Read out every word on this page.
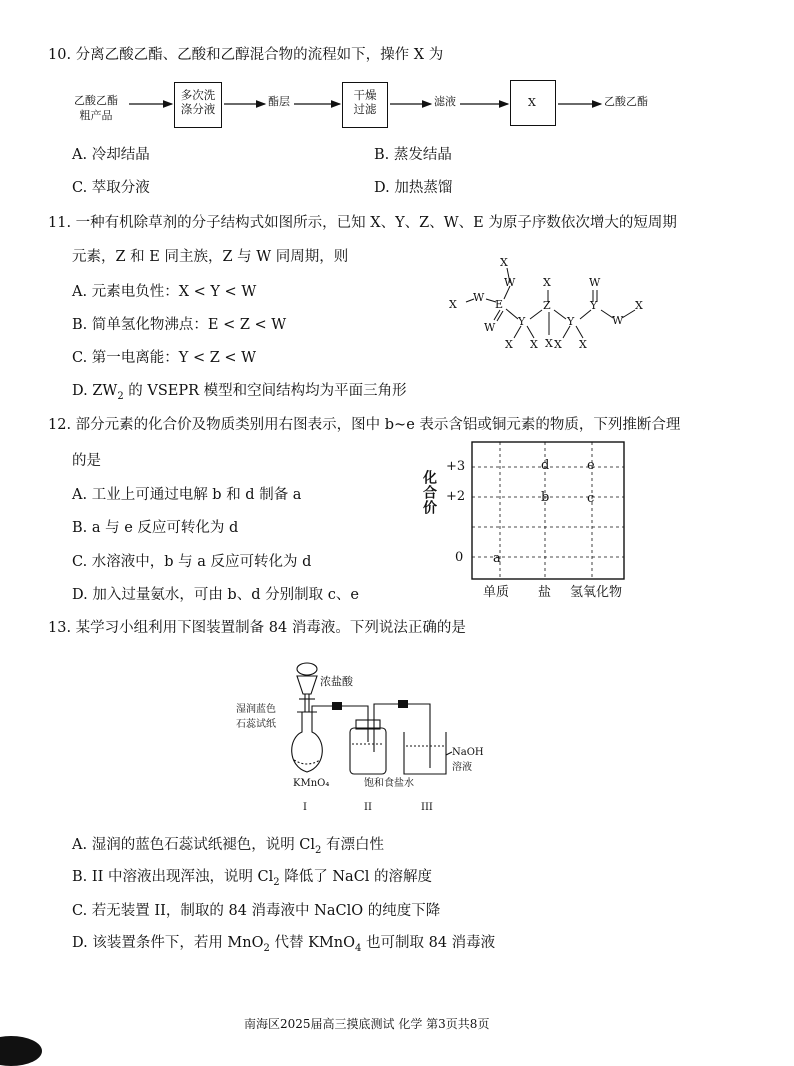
10. 分离乙酸乙酯、乙酸和乙醇混合物的流程如下，操作 X 为
乙酸乙酯
粗产品
多次洗
涤分液
酯层	干燥
过滤
滤液	X	乙酸乙酯
A. 冷却结晶	B. 蒸发结晶
C. 萃取分液	D. 加热蒸馏
11. 一种有机除草剂的分子结构式如图所示，已知 X、Y、Z、W、E 为原子序数依次增大的短周期
元素，Z 和 E 同主族，Z 与 W 同周期，则
A. 元素电负性：X < Y < W
B. 简单氢化物沸点：E < Z < W
C. 第一电离能：Y < Z < W
D. $ZW_2$ 的 VSEPR 模型和空间结构均为平面三角形
X
W
X
W
E
W Y
X X
X
Z
X
Y
X X
W
Y
W
X
12. 部分元素的化合价及物质类别用右图表示，图中 b~e 表示含铝或铜元素的物质，下列推断合理
的是
A. 工业上可通过电解 b 和 d 制备 a
B. a 与 e 反应可转化为 d
C. 水溶液中，b 与 a 反应可转化为 d
D. 加入过量氨水，可由 b、d 分别制取 c、e
化合价
+3
+2
0
单质 盐 氢氧化物
d	e
b	c
a
13. 某学习小组利用下图装置制备 84 消毒液。下列说法正确的是
浓盐酸
湿润蓝色
石蕊试纸
KMnO₄	饱和食盐水
NaOH
溶液
I	II	III
A. 湿润的蓝色石蕊试纸褪色，说明 $Cl_2$ 有漂白性
B. II 中溶液出现浑浊，说明 $Cl_2$ 降低了 NaCl 的溶解度
C. 若无装置 II，制取的 84 消毒液中 NaClO 的纯度下降
D. 该装置条件下，若用 MnO$_2$ 代替 KMnO$_4$ 也可制取 84 消毒液
南海区2025届高三摸底测试 化学 第3页共8页
